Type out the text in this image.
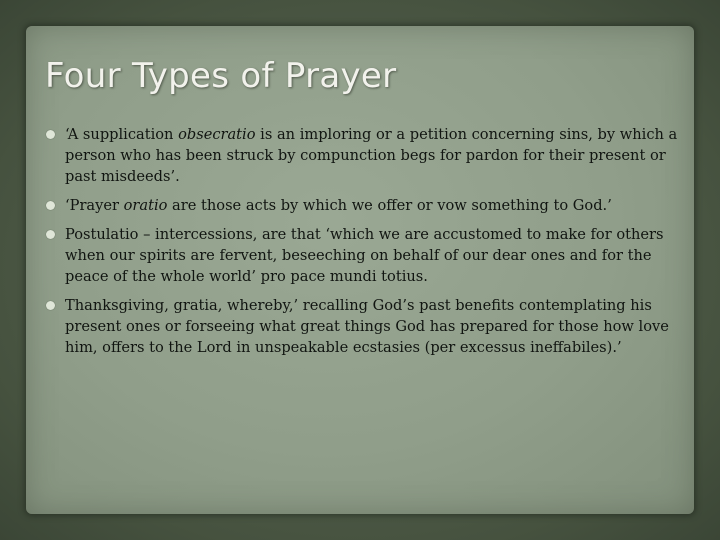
Four Types of Prayer
‘A supplication obsecratio is an imploring or a petition concerning sins, by which a person who has been struck by compunction begs for pardon for their present or past misdeeds’.
‘Prayer oratio are those acts by which we offer or vow something to God.’
Postulatio – intercessions, are that ‘which we are accustomed to make for others when our spirits are fervent, beseeching on behalf of our dear ones and for the peace of the whole world’ pro pace mundi totius.
Thanksgiving, gratia, whereby,’ recalling God’s past benefits contemplating his present ones or forseeing what great things God has prepared for those how love him, offers to the Lord in unspeakable ecstasies (per excessus ineffabiles).’
